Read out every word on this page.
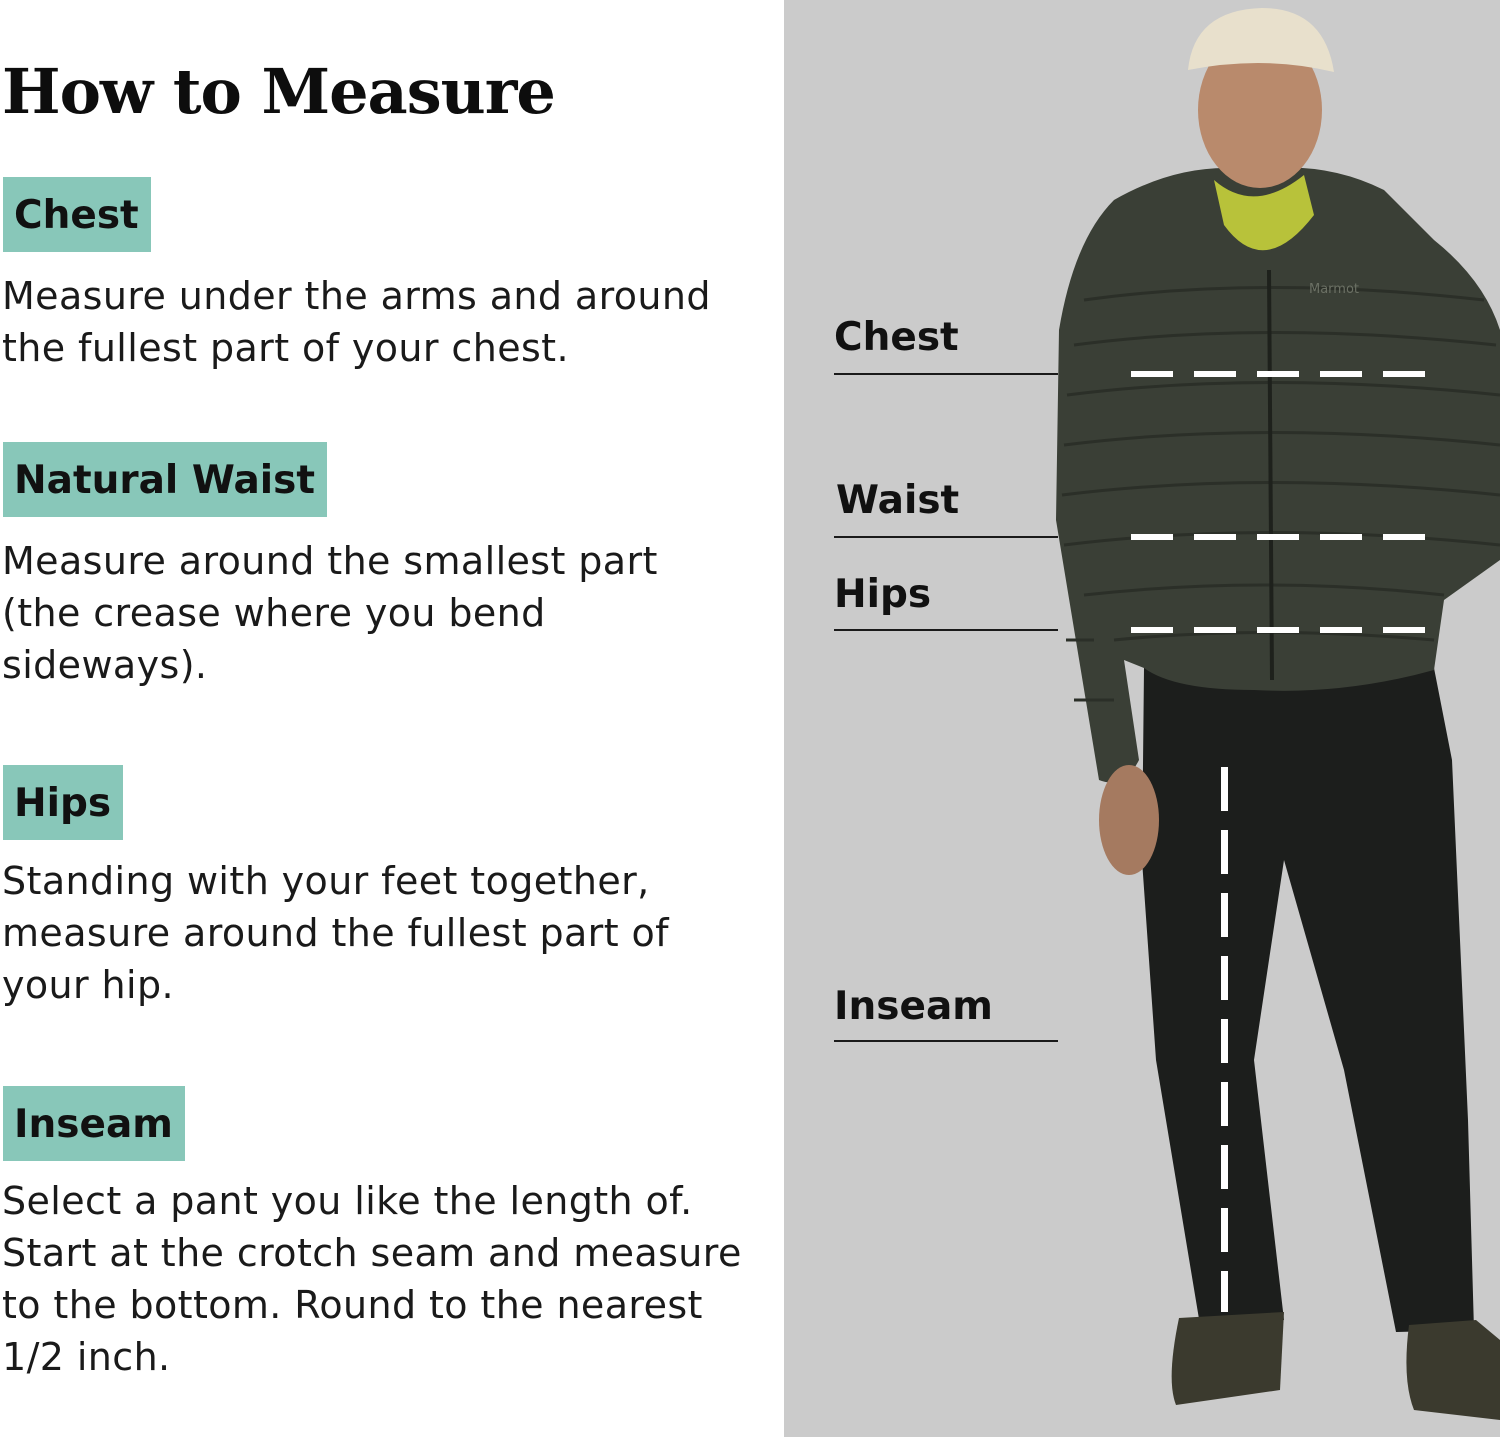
How to Measure
Chest
Measure under the arms and around
the fullest part of your chest.
Natural Waist
Measure around the smallest part
(the crease where you bend
sideways).
Hips
Standing with your feet together,
measure around the fullest part of
your hip.
Inseam
Select a pant you like the length of.
Start at the crotch seam and measure
to the bottom. Round to the nearest
1/2 inch.
Marmot
Chest
Waist
Hips
Inseam
